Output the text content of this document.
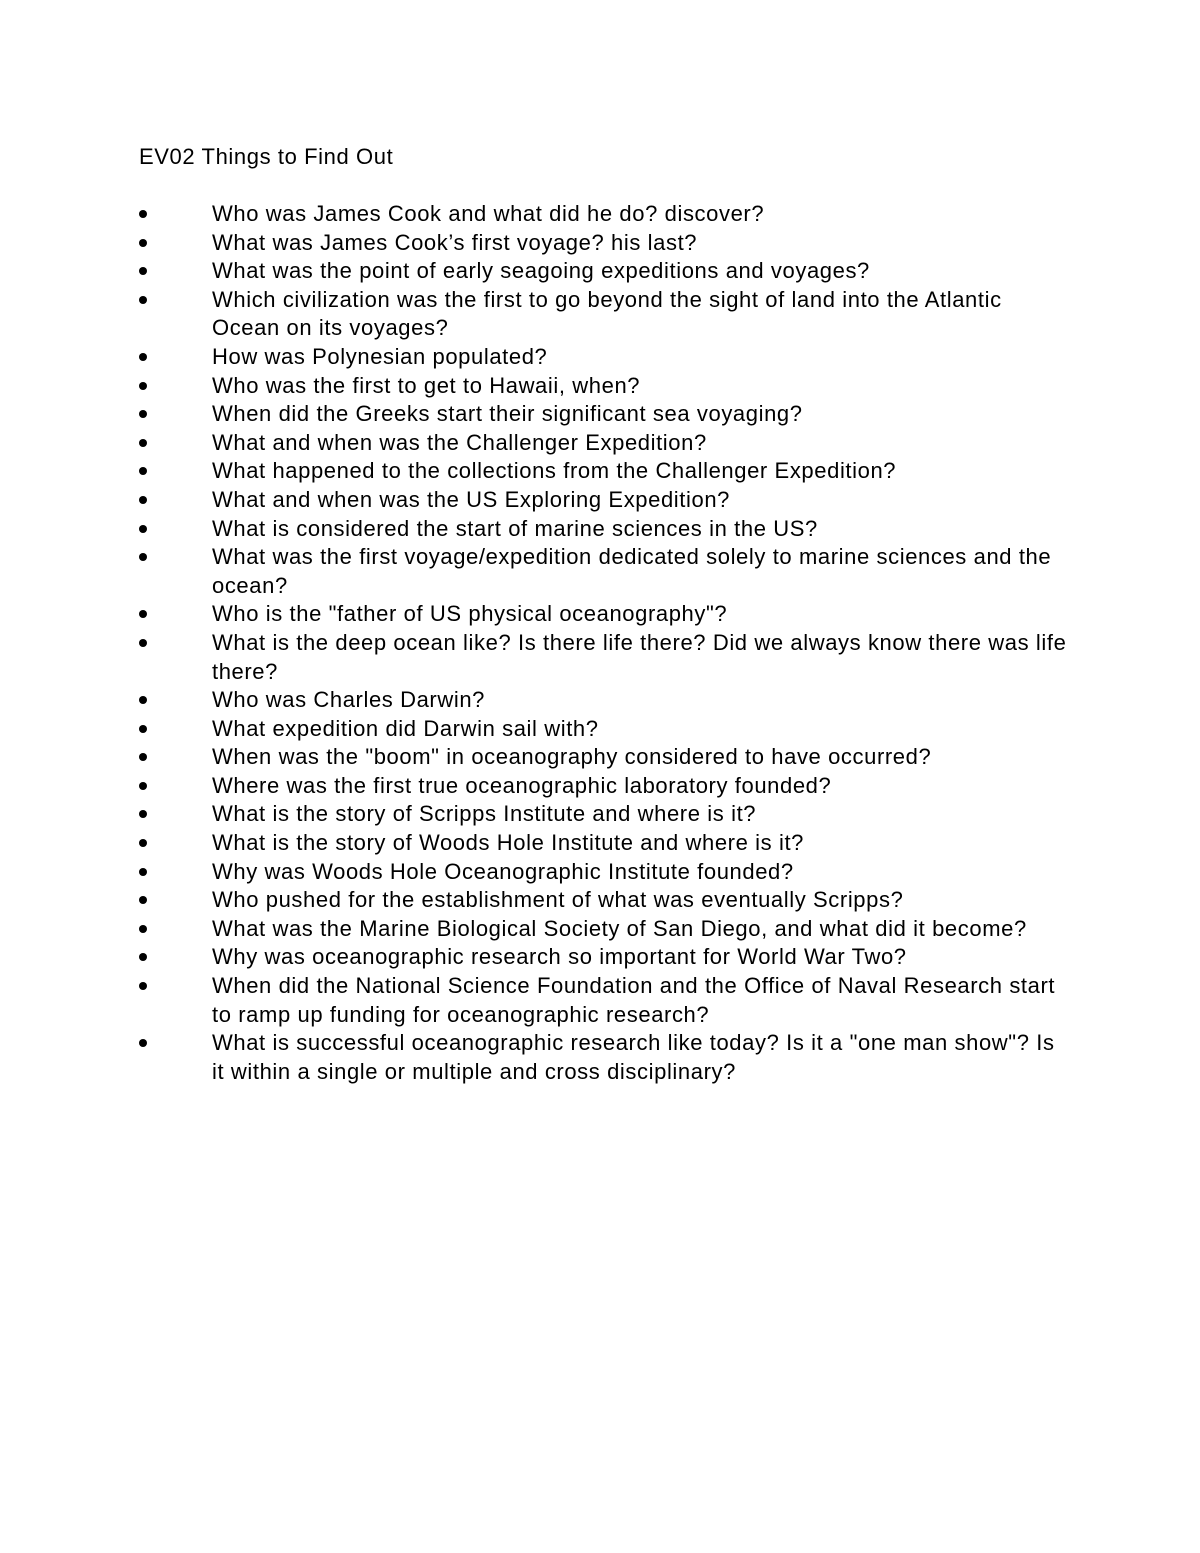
EV02 Things to Find Out
Who was James Cook and what did he do? discover?
What was James Cook’s first voyage? his last?
What was the point of early seagoing expeditions and voyages?
Which civilization was the first to go beyond the sight of land into the Atlantic Ocean on its voyages?
How was Polynesian populated?
Who was the first to get to Hawaii, when?
When did the Greeks start their significant sea voyaging?
What and when was the Challenger Expedition?
What happened to the collections from the Challenger Expedition?
What and when was the US Exploring Expedition?
What is considered the start of marine sciences in the US?
What was the first voyage/expedition dedicated solely to marine sciences and the ocean?
Who is the "father of US physical oceanography"?
What is the deep ocean like? Is there life there? Did we always know there was life there?
Who was Charles Darwin?
What expedition did Darwin sail with?
When was the "boom" in oceanography considered to have occurred?
Where was the first true oceanographic laboratory founded?
What is the story of Scripps Institute and where is it?
What is the story of Woods Hole Institute and where is it?
Why was Woods Hole Oceanographic Institute founded?
Who pushed for the establishment of what was eventually Scripps?
What was the Marine Biological Society of San Diego, and what did it become?
Why was oceanographic research so important for World War Two?
When did the National Science Foundation and the Office of Naval Research start to ramp up funding for oceanographic research?
What is successful oceanographic research like today? Is it a "one man show"? Is it within a single or multiple and cross disciplinary?
